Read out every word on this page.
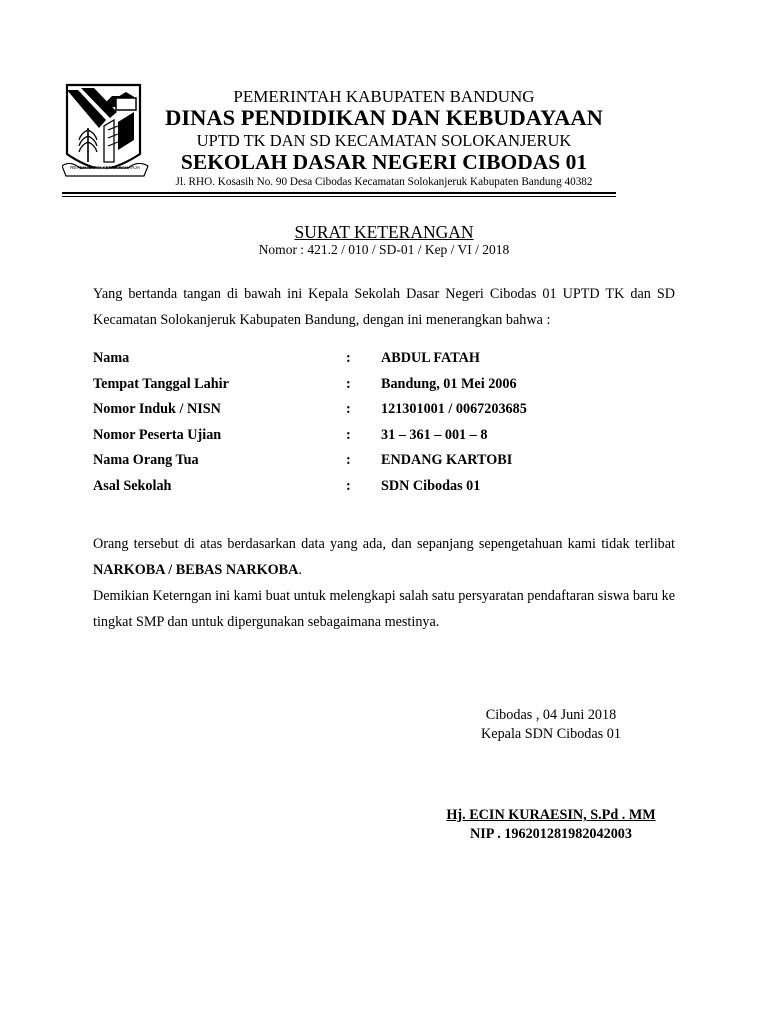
REPEH RAPIH KERTA RAHARJA
PEMERINTAH KABUPATEN BANDUNG
DINAS PENDIDIKAN DAN KEBUDAYAAN
UPTD TK DAN SD KECAMATAN SOLOKANJERUK
SEKOLAH DASAR NEGERI CIBODAS 01
Jl. RHO. Kosasih No. 90 Desa Cibodas Kecamatan Solokanjeruk Kabupaten Bandung 40382
SURAT KETERANGAN
Nomor : 421.2 / 010 / SD-01 / Kep / VI / 2018
Yang bertanda tangan di bawah ini Kepala Sekolah Dasar Negeri Cibodas 01 UPTD TK dan SD Kecamatan Solokanjeruk Kabupaten Bandung, dengan ini menerangkan bahwa :
Nama	: ABDUL FATAH
Tempat Tanggal Lahir	: Bandung, 01 Mei 2006
Nomor Induk / NISN	: 121301001 / 0067203685
Nomor Peserta Ujian	: 31 – 361 – 001 – 8
Nama Orang Tua	: ENDANG KARTOBI
Asal Sekolah	: SDN Cibodas 01
Orang tersebut di atas berdasarkan data yang ada, dan sepanjang sepengetahuan kami tidak terlibat NARKOBA / BEBAS NARKOBA.
Demikian Keterngan ini kami buat untuk melengkapi salah satu persyaratan pendaftaran siswa baru ke tingkat SMP dan untuk dipergunakan sebagaimana mestinya.
Cibodas , 04 Juni 2018
Kepala SDN Cibodas 01
Hj. ECIN KURAESIN, S.Pd . MM
NIP . 196201281982042003
